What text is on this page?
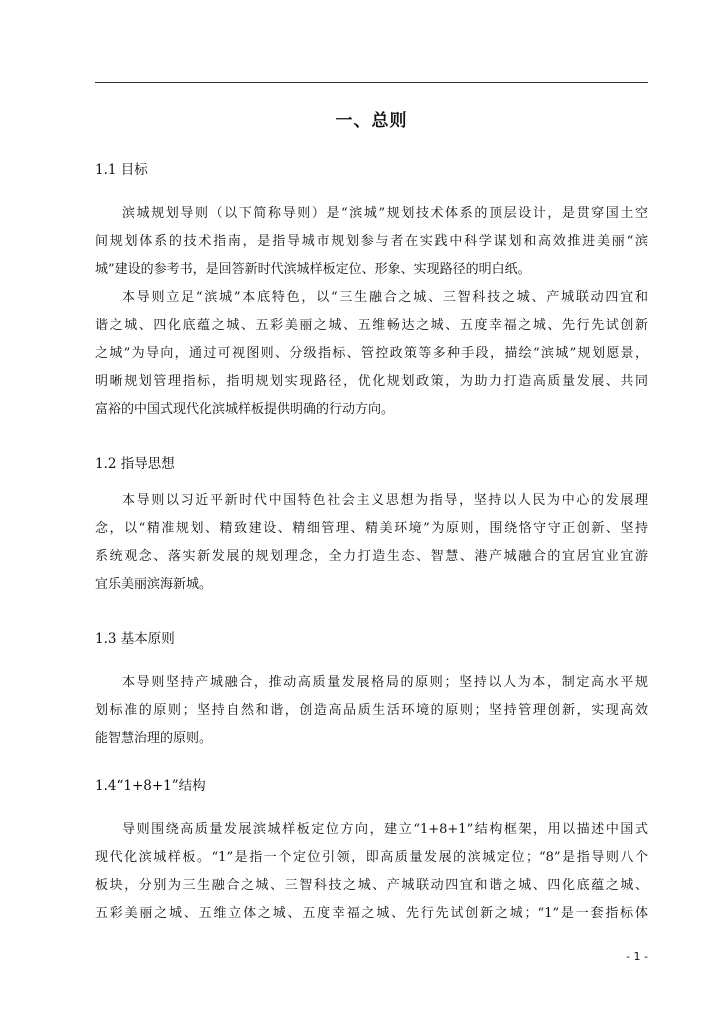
一、总则
1.1 目标
滨城规划导则（以下简称导则）是“滨城”规划技术体系的顶层设计，是贯穿国土空
间规划体系的技术指南，是指导城市规划参与者在实践中科学谋划和高效推进美丽“滨
城”建设的参考书，是回答新时代滨城样板定位、形象、实现路径的明白纸。
本导则立足“滨城”本底特色，以“三生融合之城、三智科技之城、产城联动四宜和
谐之城、四化底蕴之城、五彩美丽之城、五维畅达之城、五度幸福之城、先行先试创新
之城”为导向，通过可视图则、分级指标、管控政策等多种手段，描绘“滨城”规划愿景，
明晰规划管理指标，指明规划实现路径，优化规划政策，为助力打造高质量发展、共同
富裕的中国式现代化滨城样板提供明确的行动方向。
1.2 指导思想
本导则以习近平新时代中国特色社会主义思想为指导，坚持以人民为中心的发展理
念，以“精准规划、精致建设、精细管理、精美环境”为原则，围绕恪守守正创新、坚持
系统观念、落实新发展的规划理念，全力打造生态、智慧、港产城融合的宜居宜业宜游
宜乐美丽滨海新城。
1.3 基本原则
本导则坚持产城融合，推动高质量发展格局的原则；坚持以人为本，制定高水平规
划标准的原则；坚持自然和谐，创造高品质生活环境的原则；坚持管理创新，实现高效
能智慧治理的原则。
1.4“1+8+1”结构
导则围绕高质量发展滨城样板定位方向，建立“1+8+1”结构框架，用以描述中国式
现代化滨城样板。“1”是指一个定位引领，即高质量发展的滨城定位；“8”是指导则八个
板块，分别为三生融合之城、三智科技之城、产城联动四宜和谐之城、四化底蕴之城、
五彩美丽之城、五维立体之城、五度幸福之城、先行先试创新之城；“1”是一套指标体
- 1 -
